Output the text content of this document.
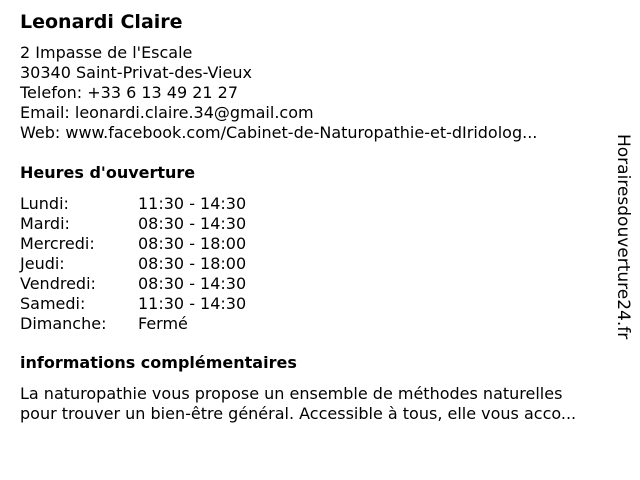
Leonardi Claire
2 Impasse de l'Escale
30340 Saint-Privat-des-Vieux
Telefon: +33 6 13 49 21 27
Email: leonardi.claire.34@gmail.com
Web: www.facebook.com/Cabinet-de-Naturopathie-et-dIridolog...
Heures d'ouverture
Lundi:	11:30 - 14:30
Mardi:	08:30 - 14:30
Mercredi:	08:30 - 18:00
Jeudi:	08:30 - 18:00
Vendredi:	08:30 - 14:30
Samedi:	11:30 - 14:30
Dimanche: Fermé
informations complémentaires
La naturopathie vous propose un ensemble de méthodes naturelles
pour trouver un bien-être général. Accessible à tous, elle vous acco...
Horairesdouverture24.fr
